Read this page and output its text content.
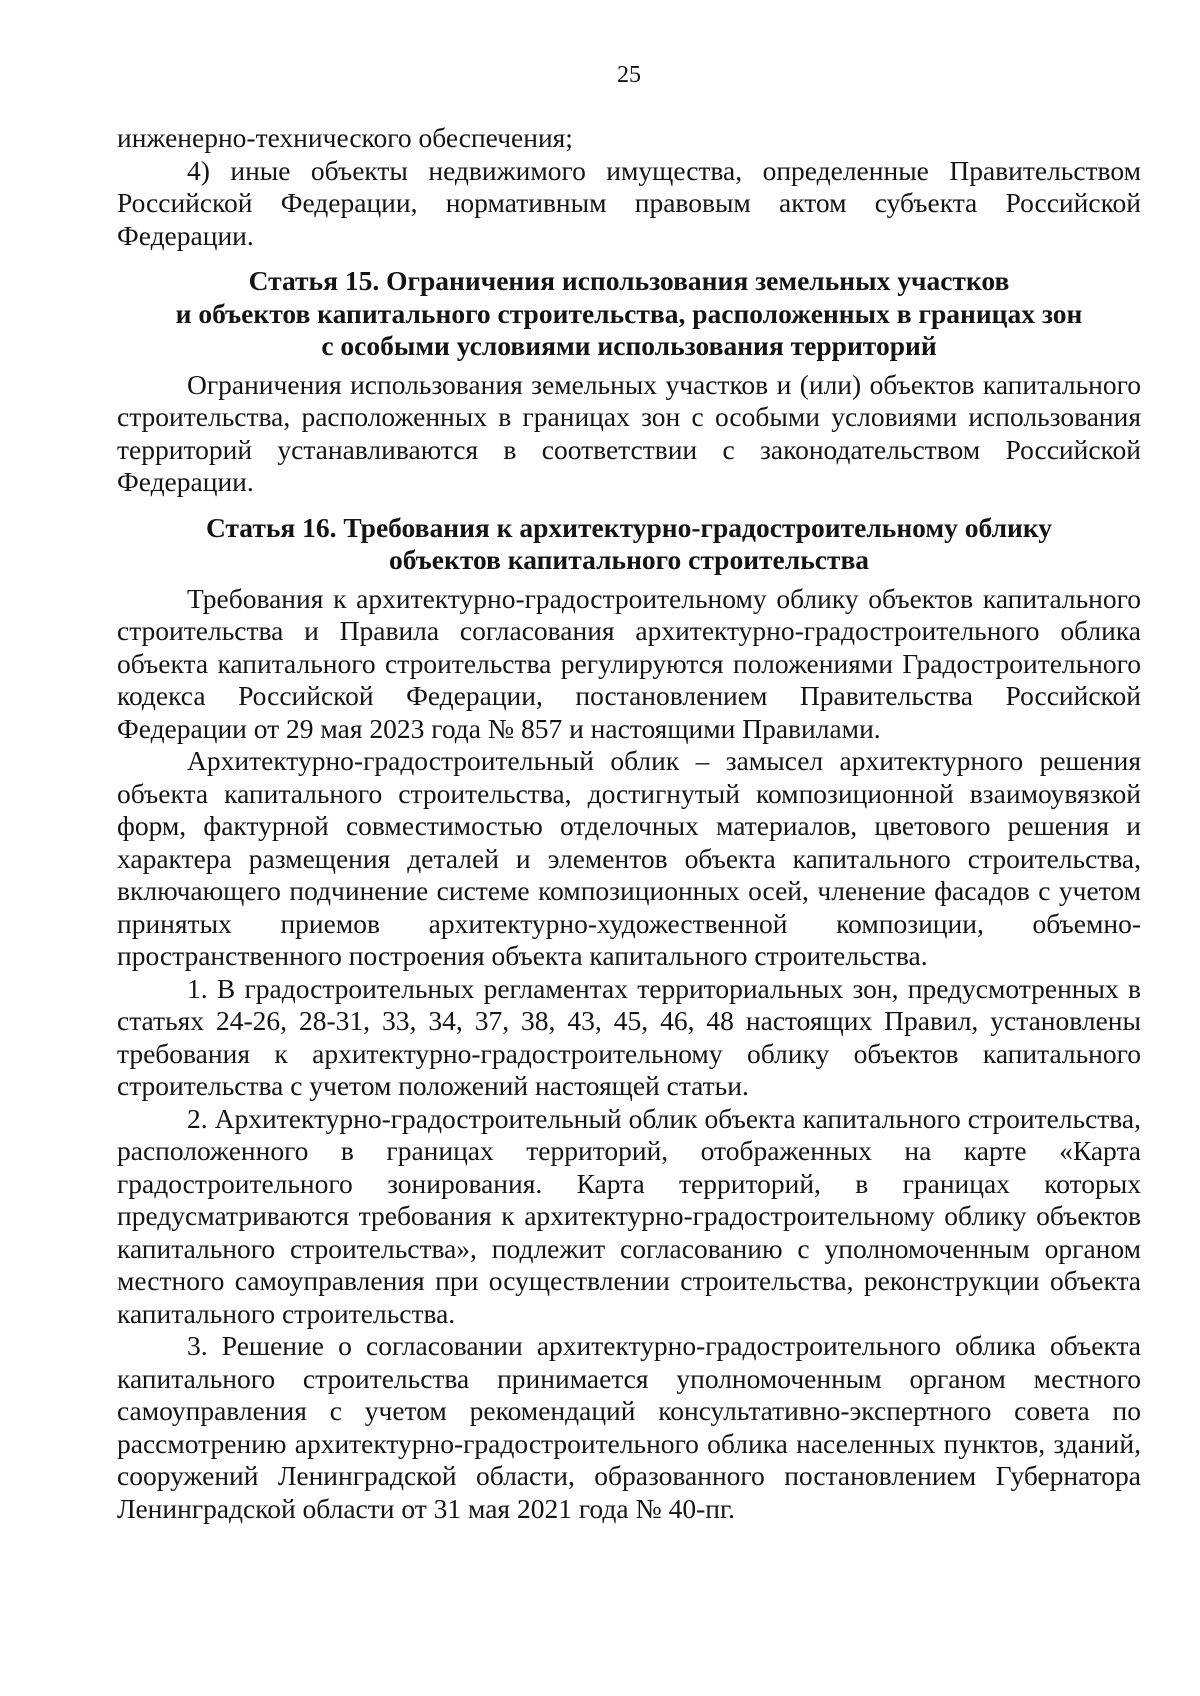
25

инженерно-технического обеспечения;

4) иные объекты недвижимого имущества, определенные Правительством Российской Федерации, нормативным правовым актом субъекта Российской Федерации.

Статья 15. Ограничения использования земельных участков
и объектов капитального строительства, расположенных в границах зон
с особыми условиями использования территорий

Ограничения использования земельных участков и (или) объектов капитального строительства, расположенных в границах зон с особыми условиями использования территорий устанавливаются в соответствии с законодательством Российской Федерации.

Статья 16. Требования к архитектурно-градостроительному облику
объектов капитального строительства

Требования к архитектурно-градостроительному облику объектов капитального строительства и Правила согласования архитектурно-градостроительного облика объекта капитального строительства регулируются положениями Градостроительного кодекса Российской Федерации, постановлением Правительства Российской Федерации от 29 мая 2023 года № 857 и настоящими Правилами.

Архитектурно-градостроительный облик – замысел архитектурного решения объекта капитального строительства, достигнутый композиционной взаимоувязкой форм, фактурной совместимостью отделочных материалов, цветового решения и характера размещения деталей и элементов объекта капитального строительства, включающего подчинение системе композиционных осей, членение фасадов с учетом принятых приемов архитектурно-художественной композиции, объемно-пространственного построения объекта капитального строительства.

1. В градостроительных регламентах территориальных зон, предусмотренных в статьях 24-26, 28-31, 33, 34, 37, 38, 43, 45, 46, 48 настоящих Правил, установлены требования к архитектурно-градостроительному облику объектов капитального строительства с учетом положений настоящей статьи.

2. Архитектурно-градостроительный облик объекта капитального строительства, расположенного в границах территорий, отображенных на карте «Карта градостроительного зонирования. Карта территорий, в границах которых предусматриваются требования к архитектурно-градостроительному облику объектов капитального строительства», подлежит согласованию с уполномоченным органом местного самоуправления при осуществлении строительства, реконструкции объекта капитального строительства.

3. Решение о согласовании архитектурно-градостроительного облика объекта капитального строительства принимается уполномоченным органом местного самоуправления с учетом рекомендаций консультативно-экспертного совета по рассмотрению архитектурно-градостроительного облика населенных пунктов, зданий, сооружений Ленинградской области, образованного постановлением Губернатора Ленинградской области от 31 мая 2021 года № 40-пг.
